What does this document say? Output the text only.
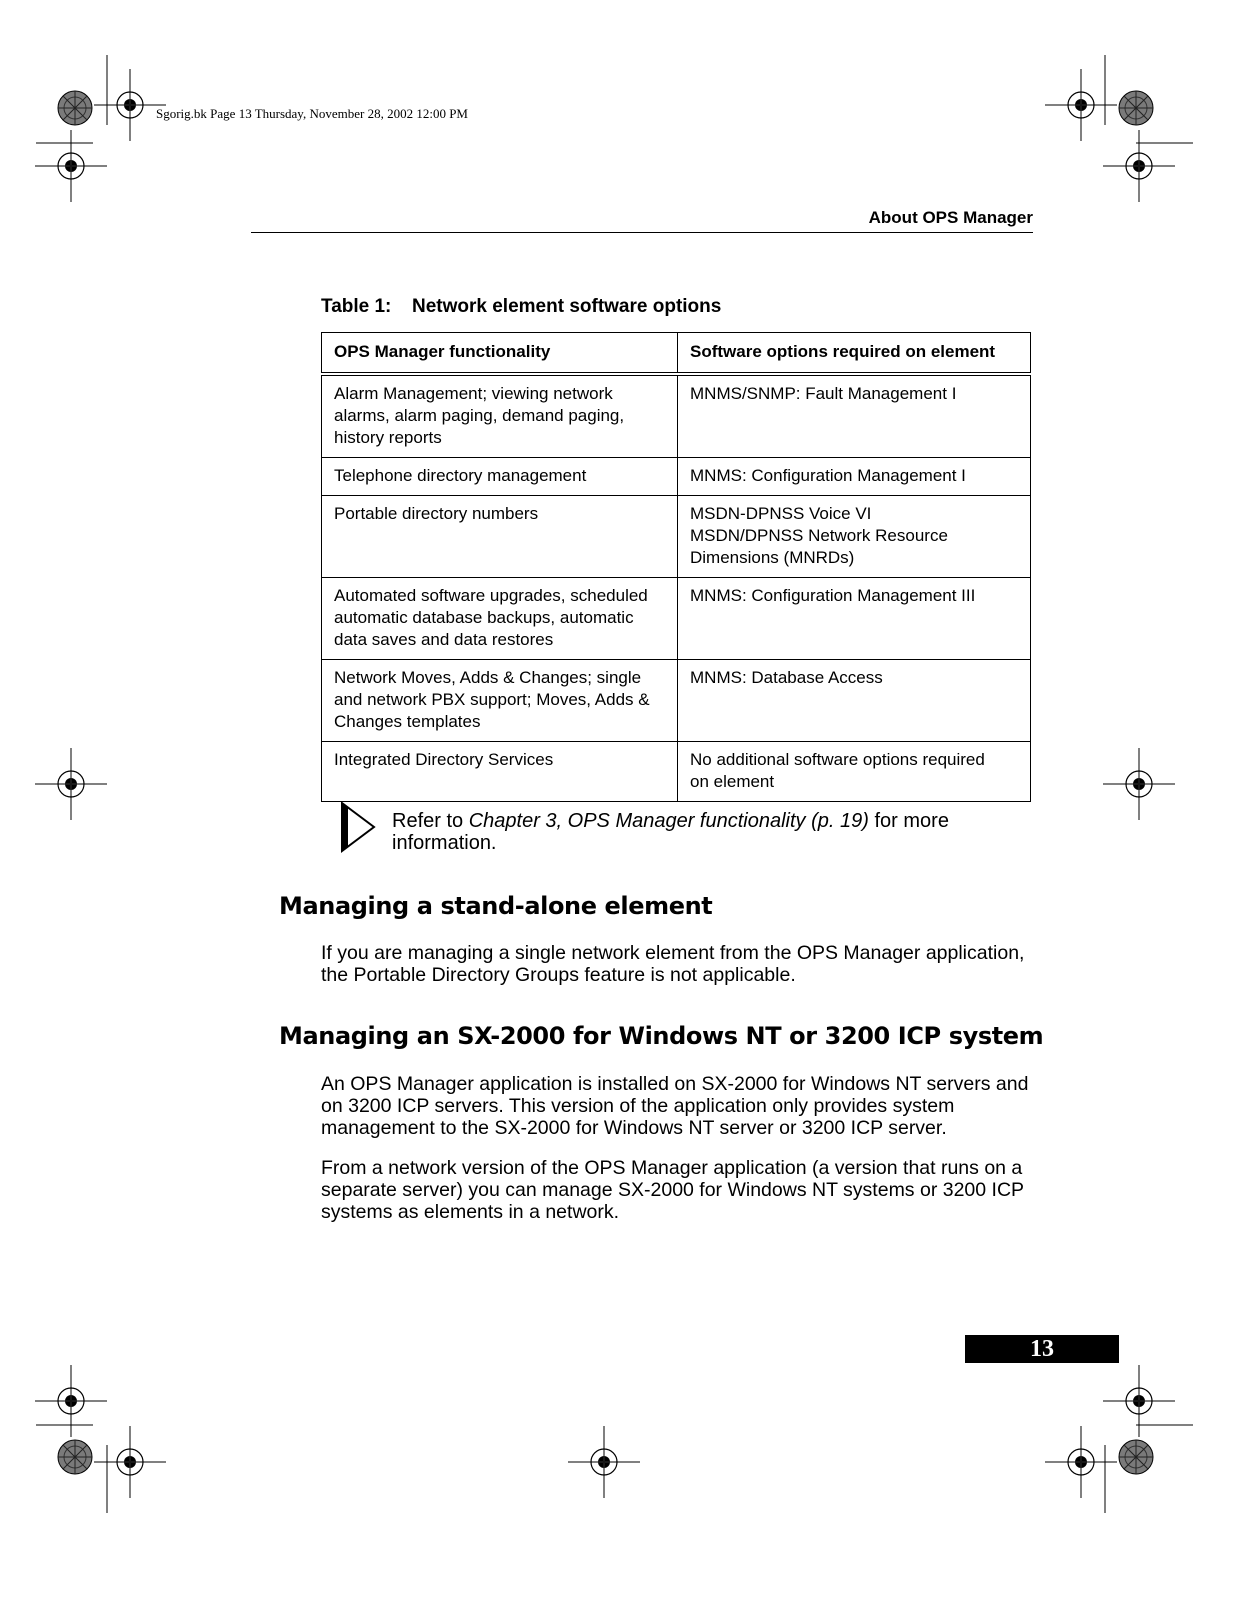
Sgorig.bk Page 13 Thursday, November 28, 2002 12:00 PM
About OPS Manager
Table 1: Network element software options
OPS Manager functionality	Software options required on element

Alarm Management; viewing network
alarms, alarm paging, demand paging,
history reports	MNMS/SNMP: Fault Management I

Telephone directory management	MNMS: Configuration Management I

Portable directory numbers	MSDN-DPNSS Voice VI
MSDN/DPNSS Network Resource
Dimensions (MNRDs)

Automated software upgrades, scheduled
automatic database backups, automatic
data saves and data restores	MNMS: Configuration Management III

Network Moves, Adds & Changes; single
and network PBX support; Moves, Adds &
Changes templates	MNMS: Database Access

Integrated Directory Services	No additional software options required
on element
Refer to Chapter 3, OPS Manager functionality (p. 19) for more information.
Managing a stand-alone element
If you are managing a single network element from the OPS Manager application, the Portable Directory Groups feature is not applicable.
Managing an SX-2000 for Windows NT or 3200 ICP system
An OPS Manager application is installed on SX-2000 for Windows NT servers and on 3200 ICP servers. This version of the application only provides system management to the SX-2000 for Windows NT server or 3200 ICP server.
From a network version of the OPS Manager application (a version that runs on a separate server) you can manage SX-2000 for Windows NT systems or 3200 ICP systems as elements in a network.
13
